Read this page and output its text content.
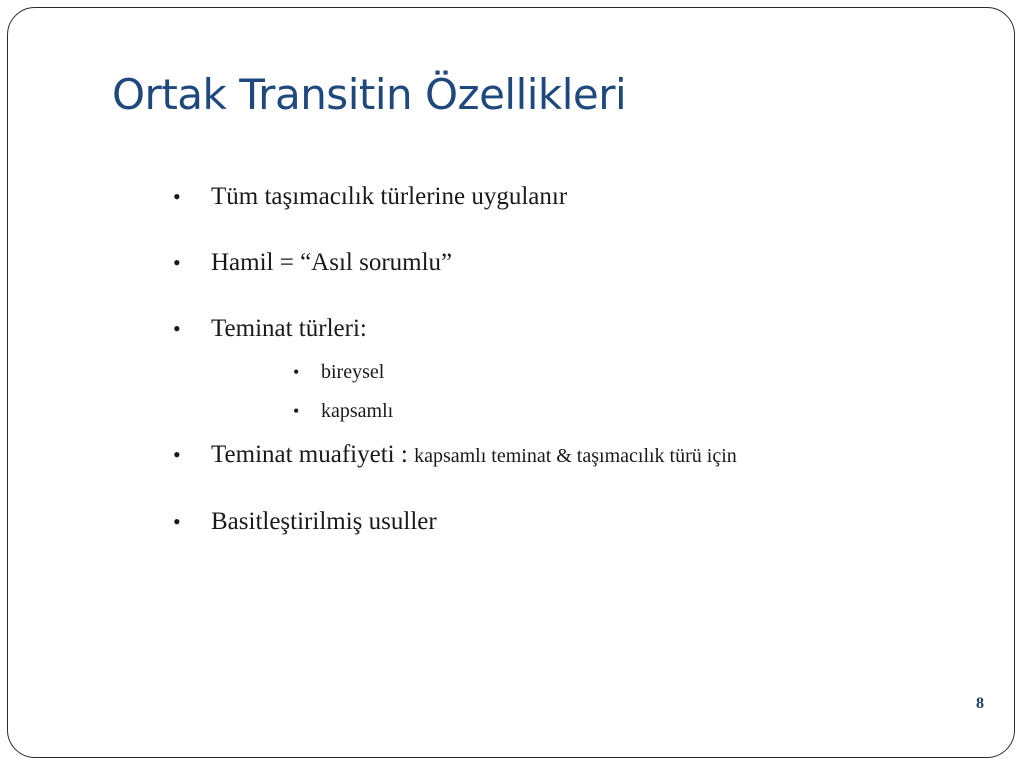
Ortak Transitin Özellikleri
• Tüm taşımacılık türlerine uygulanır
• Hamil = “Asıl sorumlu”
• Teminat türleri:
• bireysel
• kapsamlı
• Teminat muafiyeti : kapsamlı teminat & taşımacılık türü için
• Basitleştirilmiş usuller
8
